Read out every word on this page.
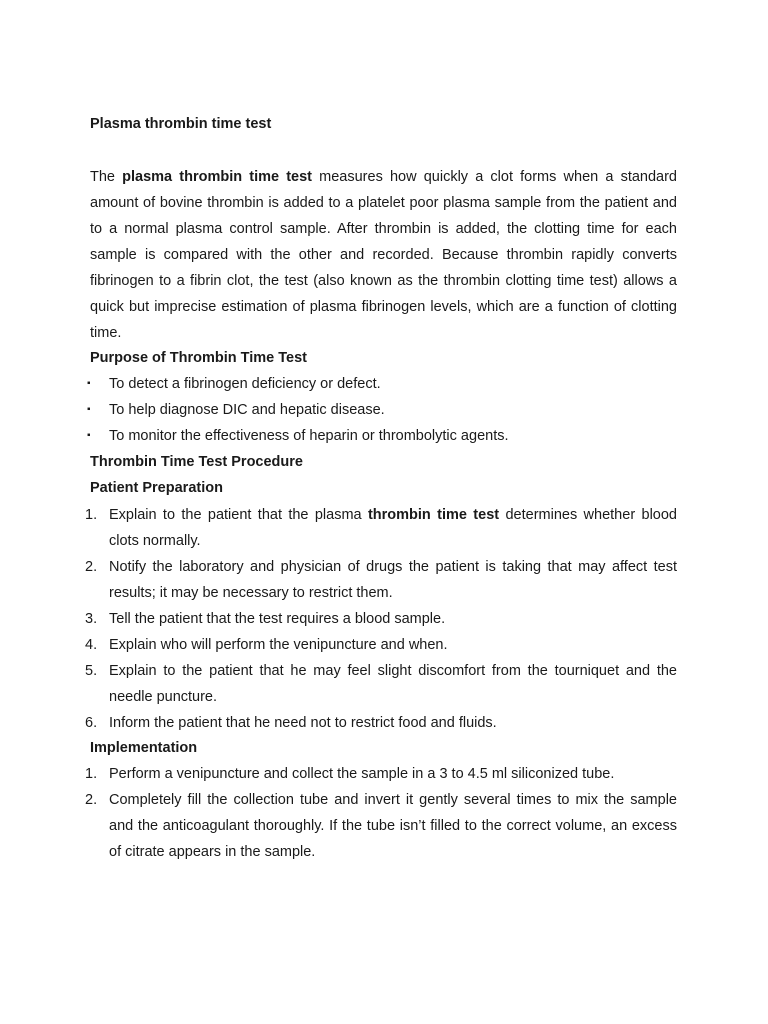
Plasma thrombin time test

The plasma thrombin time test measures how quickly a clot forms when a standard amount of bovine thrombin is added to a platelet poor plasma sample from the patient and to a normal plasma control sample. After thrombin is added, the clotting time for each sample is compared with the other and recorded. Because thrombin rapidly converts fibrinogen to a fibrin clot, the test (also known as the thrombin clotting time test) allows a quick but imprecise estimation of plasma fibrinogen levels, which are a function of clotting time.

Purpose of Thrombin Time Test
▪ To detect a fibrinogen deficiency or defect.
▪ To help diagnose DIC and hepatic disease.
▪ To monitor the effectiveness of heparin or thrombolytic agents.
Thrombin Time Test Procedure
Patient Preparation
1. Explain to the patient that the plasma thrombin time test determines whether blood clots normally.
2. Notify the laboratory and physician of drugs the patient is taking that may affect test results; it may be necessary to restrict them.
3. Tell the patient that the test requires a blood sample.
4. Explain who will perform the venipuncture and when.
5. Explain to the patient that he may feel slight discomfort from the tourniquet and the needle puncture.
6. Inform the patient that he need not to restrict food and fluids.
Implementation
1. Perform a venipuncture and collect the sample in a 3 to 4.5 ml siliconized tube.
2. Completely fill the collection tube and invert it gently several times to mix the sample and the anticoagulant thoroughly. If the tube isn’t filled to the correct volume, an excess of citrate appears in the sample.
